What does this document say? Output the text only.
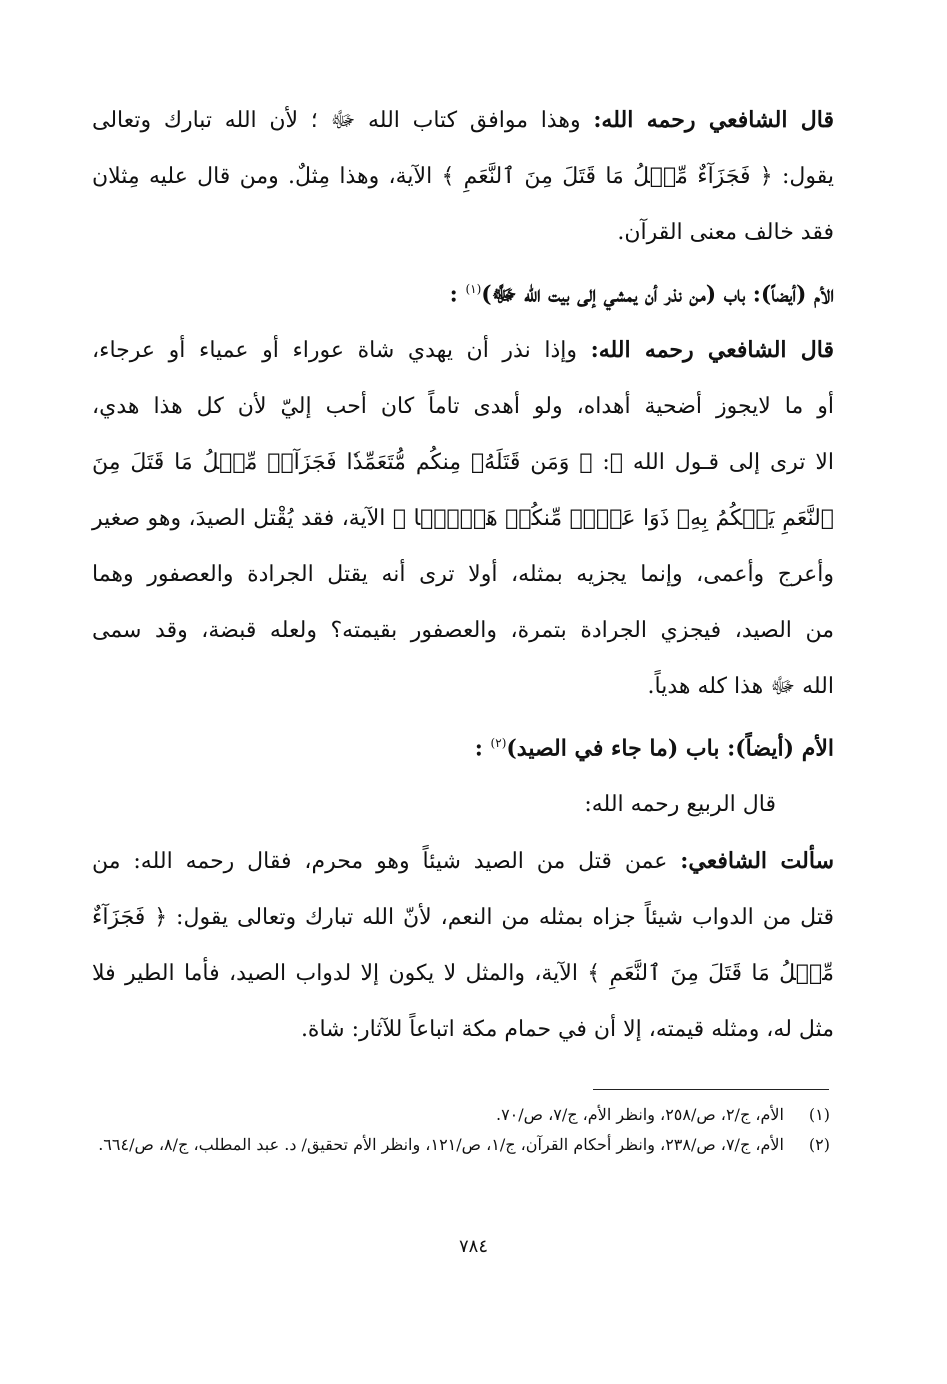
قال الشافعي رحمه الله: وهذا موافق كتاب الله ﷻ ؛ لأن الله تبارك وتعالى
يقول: ﴿ فَجَزَآءٌ مِّثۡلُ مَا قَتَلَ مِنَ ٱلنَّعَمِ ﴾ الآية، وهذا مِثلٌ. ومن قال عليه مِثلان
فقد خالف معنى القرآن.
الأم (أيضاً): باب (من نذر أن يمشي إلى بيت الله ﷻ)$^{(١)}$ :
قال الشافعي رحمه الله: وإذا نذر أن يهدي شاة عوراء أو عمياء أو عرجاء،
أو ما لايجوز أضحية أهداه، ولو أهدى تاماً كان أحب إليّ لأن كل هذا هدي،
الا ترى إلى قـول الله ﷻ: ﴿ وَمَن قَتَلَهُۥ مِنكُم مُّتَعَمِّدٗا فَجَزَآءٞ مِّثۡلُ مَا قَتَلَ مِنَ
ٱلنَّعَمِ يَحۡكُمُ بِهِۦ ذَوَا عَدۡلٖ مِّنكُمۡ هَدۡيَۢا ﴾ الآية، فقد يُقْتل الصيدَ، وهو صغير
وأعرج وأعمى، وإنما يجزيه بمثله، أولا ترى أنه يقتل الجرادة والعصفور وهما
من الصيد، فيجزي الجرادة بتمرة، والعصفور بقيمته؟ ولعله قبضة، وقد سمى
الله ﷻ هذا كله هدياً.
الأم (أيضاً): باب (ما جاء في الصيد)$^{(٢)}$ :
قال الربيع رحمه الله:
سألت الشافعي: عمن قتل من الصيد شيئاً وهو محرم، فقال رحمه الله: من
قتل من الدواب شيئاً جزاه بمثله من النعم، لأنّ الله تبارك وتعالى يقول: ﴿ فَجَزَآءٌ
مِّثۡلُ مَا قَتَلَ مِنَ ٱلنَّعَمِ ﴾ الآية، والمثل لا يكون إلا لدواب الصيد، فأما الطير فلا
مثل له، ومثله قيمته، إلا أن في حمام مكة اتباعاً للآثار: شاة.
(١)
الأم، ج/٢، ص/٢٥٨، وانظر الأم، ج/٧، ص/٧٠.
(٢)
الأم، ج/٧، ص/٢٣٨، وانظر أحكام القرآن، ج/١، ص/١٢١، وانظر الأم تحقيق/ د. عبد المطلب، ج/٨، ص/٦٦٤.
٧٨٤
